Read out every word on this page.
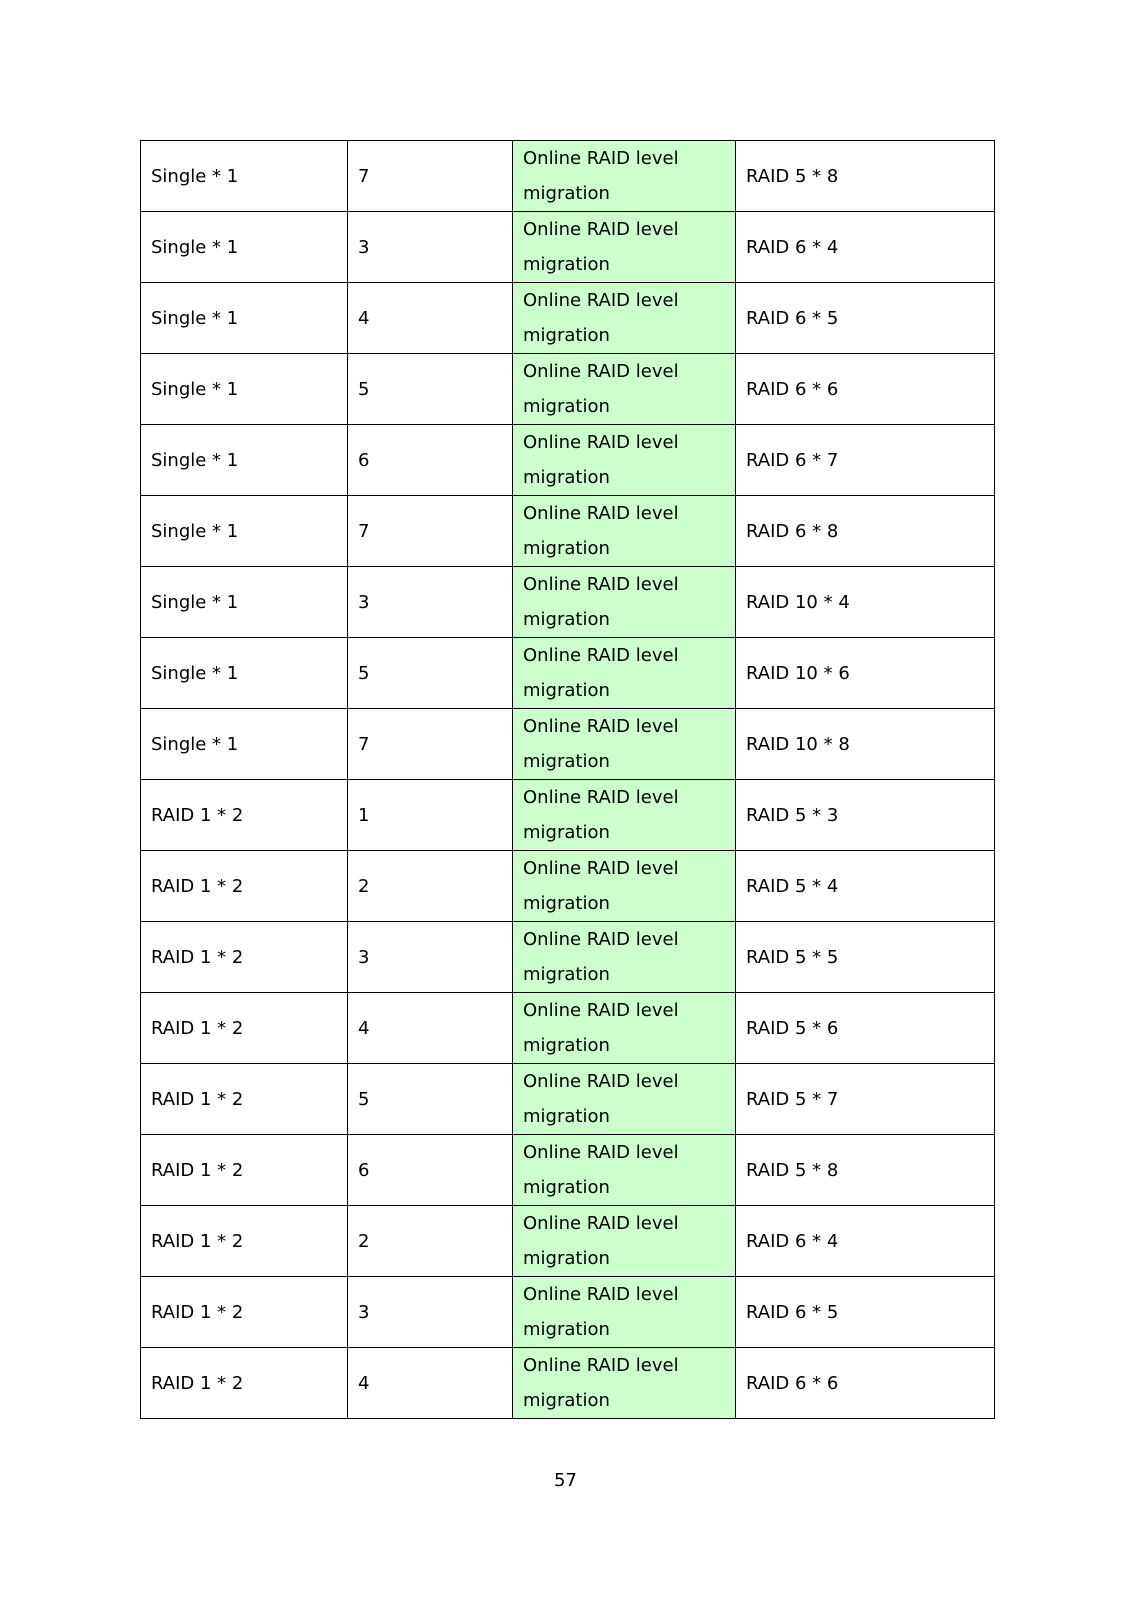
Single * 1	7	Online RAID level migration	RAID 5 * 8
Single * 1	3	Online RAID level migration	RAID 6 * 4
Single * 1	4	Online RAID level migration	RAID 6 * 5
Single * 1	5	Online RAID level migration	RAID 6 * 6
Single * 1	6	Online RAID level migration	RAID 6 * 7
Single * 1	7	Online RAID level migration	RAID 6 * 8
Single * 1	3	Online RAID level migration	RAID 10 * 4
Single * 1	5	Online RAID level migration	RAID 10 * 6
Single * 1	7	Online RAID level migration	RAID 10 * 8
RAID 1 * 2	1	Online RAID level migration	RAID 5 * 3
RAID 1 * 2	2	Online RAID level migration	RAID 5 * 4
RAID 1 * 2	3	Online RAID level migration	RAID 5 * 5
RAID 1 * 2	4	Online RAID level migration	RAID 5 * 6
RAID 1 * 2	5	Online RAID level migration	RAID 5 * 7
RAID 1 * 2	6	Online RAID level migration	RAID 5 * 8
RAID 1 * 2	2	Online RAID level migration	RAID 6 * 4
RAID 1 * 2	3	Online RAID level migration	RAID 6 * 5
RAID 1 * 2	4	Online RAID level migration	RAID 6 * 6
57
